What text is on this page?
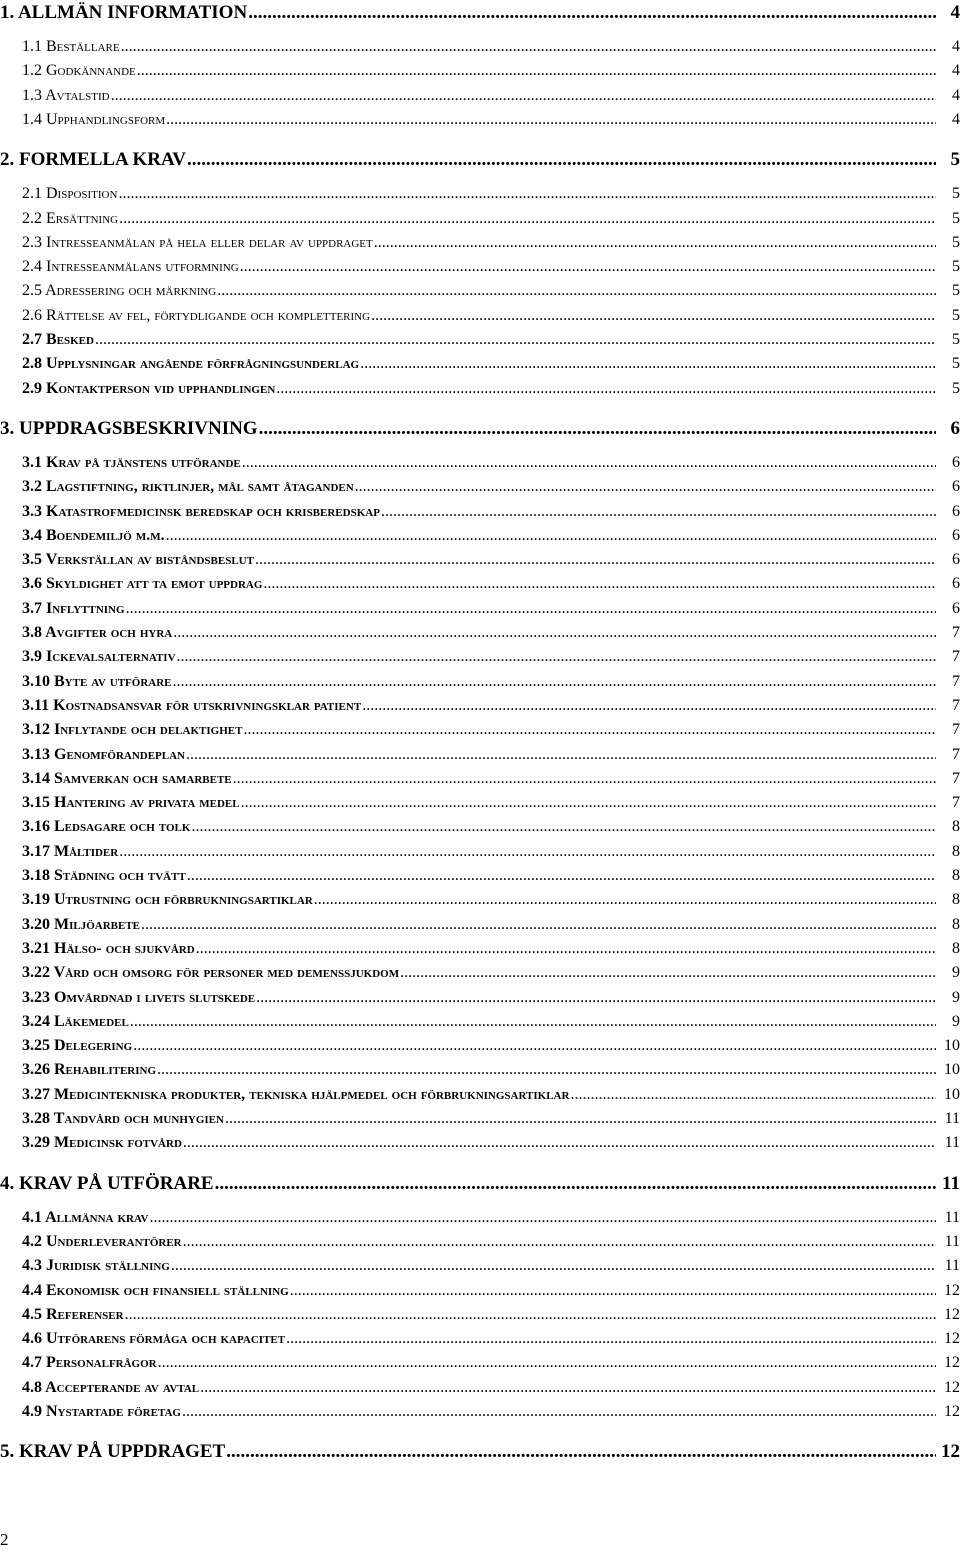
1. ALLMÄN INFORMATION .....	4
1.1 Beställare .....	4
1.2 Godkännande .....	4
1.3 Avtalstid .....	4
1.4 Upphandlingsform .....	4
2. FORMELLA KRAV .....	5
2.1 Disposition .....	5
2.2 Ersättning .....	5
2.3 Intresseanmälan på hela eller delar av uppdraget .....	5
2.4 Intresseanmälans utformning .....	5
2.5 Adressering och märkning .....	5
2.6 Rättelse av fel, förtydligande och komplettering .....	5
2.7 Besked .....	5
2.8 Upplysningar angående förfrågningsunderlag .....	5
2.9 Kontaktperson vid upphandlingen .....	5
3. UPPDRAGSBESKRIVNING .....	6
3.1 Krav på tjänstens utförande .....	6
3.2 Lagstiftning, riktlinjer, mål samt åtaganden .....	6
3.3 Katastrofmedicinsk beredskap och krisberedskap .....	6
3.4 Boendemiljö m.m. .....	6
3.5 Verkställan av biståndsbeslut .....	6
3.6 Skyldighet att ta emot uppdrag .....	6
3.7 Inflyttning .....	6
3.8 Avgifter och hyra .....	7
3.9 Ickevalsalternativ .....	7
3.10 Byte av utförare .....	7
3.11 Kostnadsansvar för utskrivningsklar patient .....	7
3.12 Inflytande och delaktighet .....	7
3.13 Genomförandeplan .....	7
3.14 Samverkan och samarbete .....	7
3.15 Hantering av privata medel .....	7
3.16 Ledsagare och tolk .....	8
3.17 Måltider .....	8
3.18 Städning och tvätt .....	8
3.19 Utrustning och förbrukningsartiklar .....	8
3.20 Miljöarbete .....	8
3.21 Hälso- och sjukvård .....	8
3.22 Vård och omsorg för personer med demenssjukdom .....	9
3.23 Omvårdnad i livets slutskede .....	9
3.24 Läkemedel .....	9
3.25 Delegering .....	10
3.26 Rehabilitering .....	10
3.27 Medicintekniska produkter, tekniska hjälpmedel och förbrukningsartiklar .....	10
3.28 Tandvård och munhygien .....	11
3.29 Medicinsk fotvård .....	11
4. KRAV PÅ UTFÖRARE .....	11
4.1 Allmänna krav .....	11
4.2 Underleverantörer .....	11
4.3 Juridisk ställning .....	11
4.4 Ekonomisk och finansiell ställning .....	12
4.5 Referenser .....	12
4.6 Utförarens förmåga och kapacitet .....	12
4.7 Personalfrågor .....	12
4.8 Accepterande av avtal .....	12
4.9 Nystartade företag .....	12
5. KRAV PÅ UPPDRAGET .....	12
2
